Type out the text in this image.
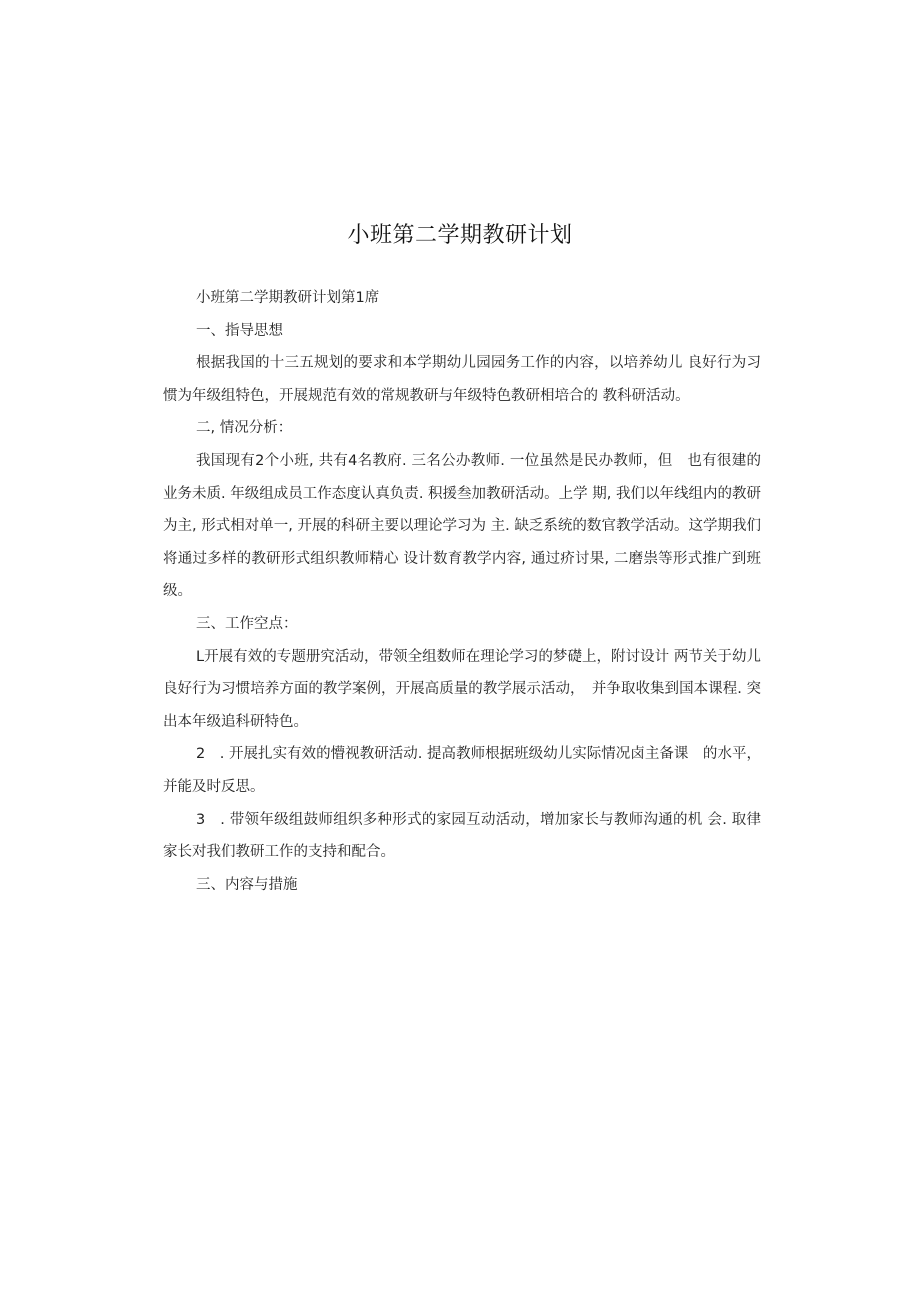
小班第二学期教研计划

小班第二学期教研计划第1席

一、指导思想

根据我国的十三五规划的要求和本学期幼儿园园务工作的内容，以培养幼儿 良好行为习惯为年级组特色，开展规范有效的常规教研与年级特色教研相培合的 教科研活动。

二, 情况分析：

我国现有2个小班, 共有4名教府. 三名公办教师. 一位虽然是民办教师，但　也有很建的业务未质. 年级组成员工作态度认真负责. 积援叁加教研活动。上学 期, 我们以年线组内的教研为主, 形式相对单一, 开展的科研主要以理论学习为 主. 缺乏系统的数官教学活动。这学期我们将通过多样的教研形式组织教师精心 设计数育教学内容, 通过疥讨果, 二磨祟等形式推广到班级。

三、工作空点：

L开展有效的专题册究活动，带领全组数师在理论学习的梦礎上，附讨设计 两节关于幼儿良好行为习惯培养方面的教学案例，开展高质量的教学展示活动，　并争取收集到国本课程. 突出本年级追科研特色。

2　. 开展扎实有效的懵视教研活动. 提高教师根据班级幼儿实际情况卤主备课　的水平，并能及时反思。

3　. 带领年级组鼓师组织多种形式的家园互动活动，增加家长与教师沟通的机 会. 取律家长对我们教研工作的支持和配合。

三、内容与措施
